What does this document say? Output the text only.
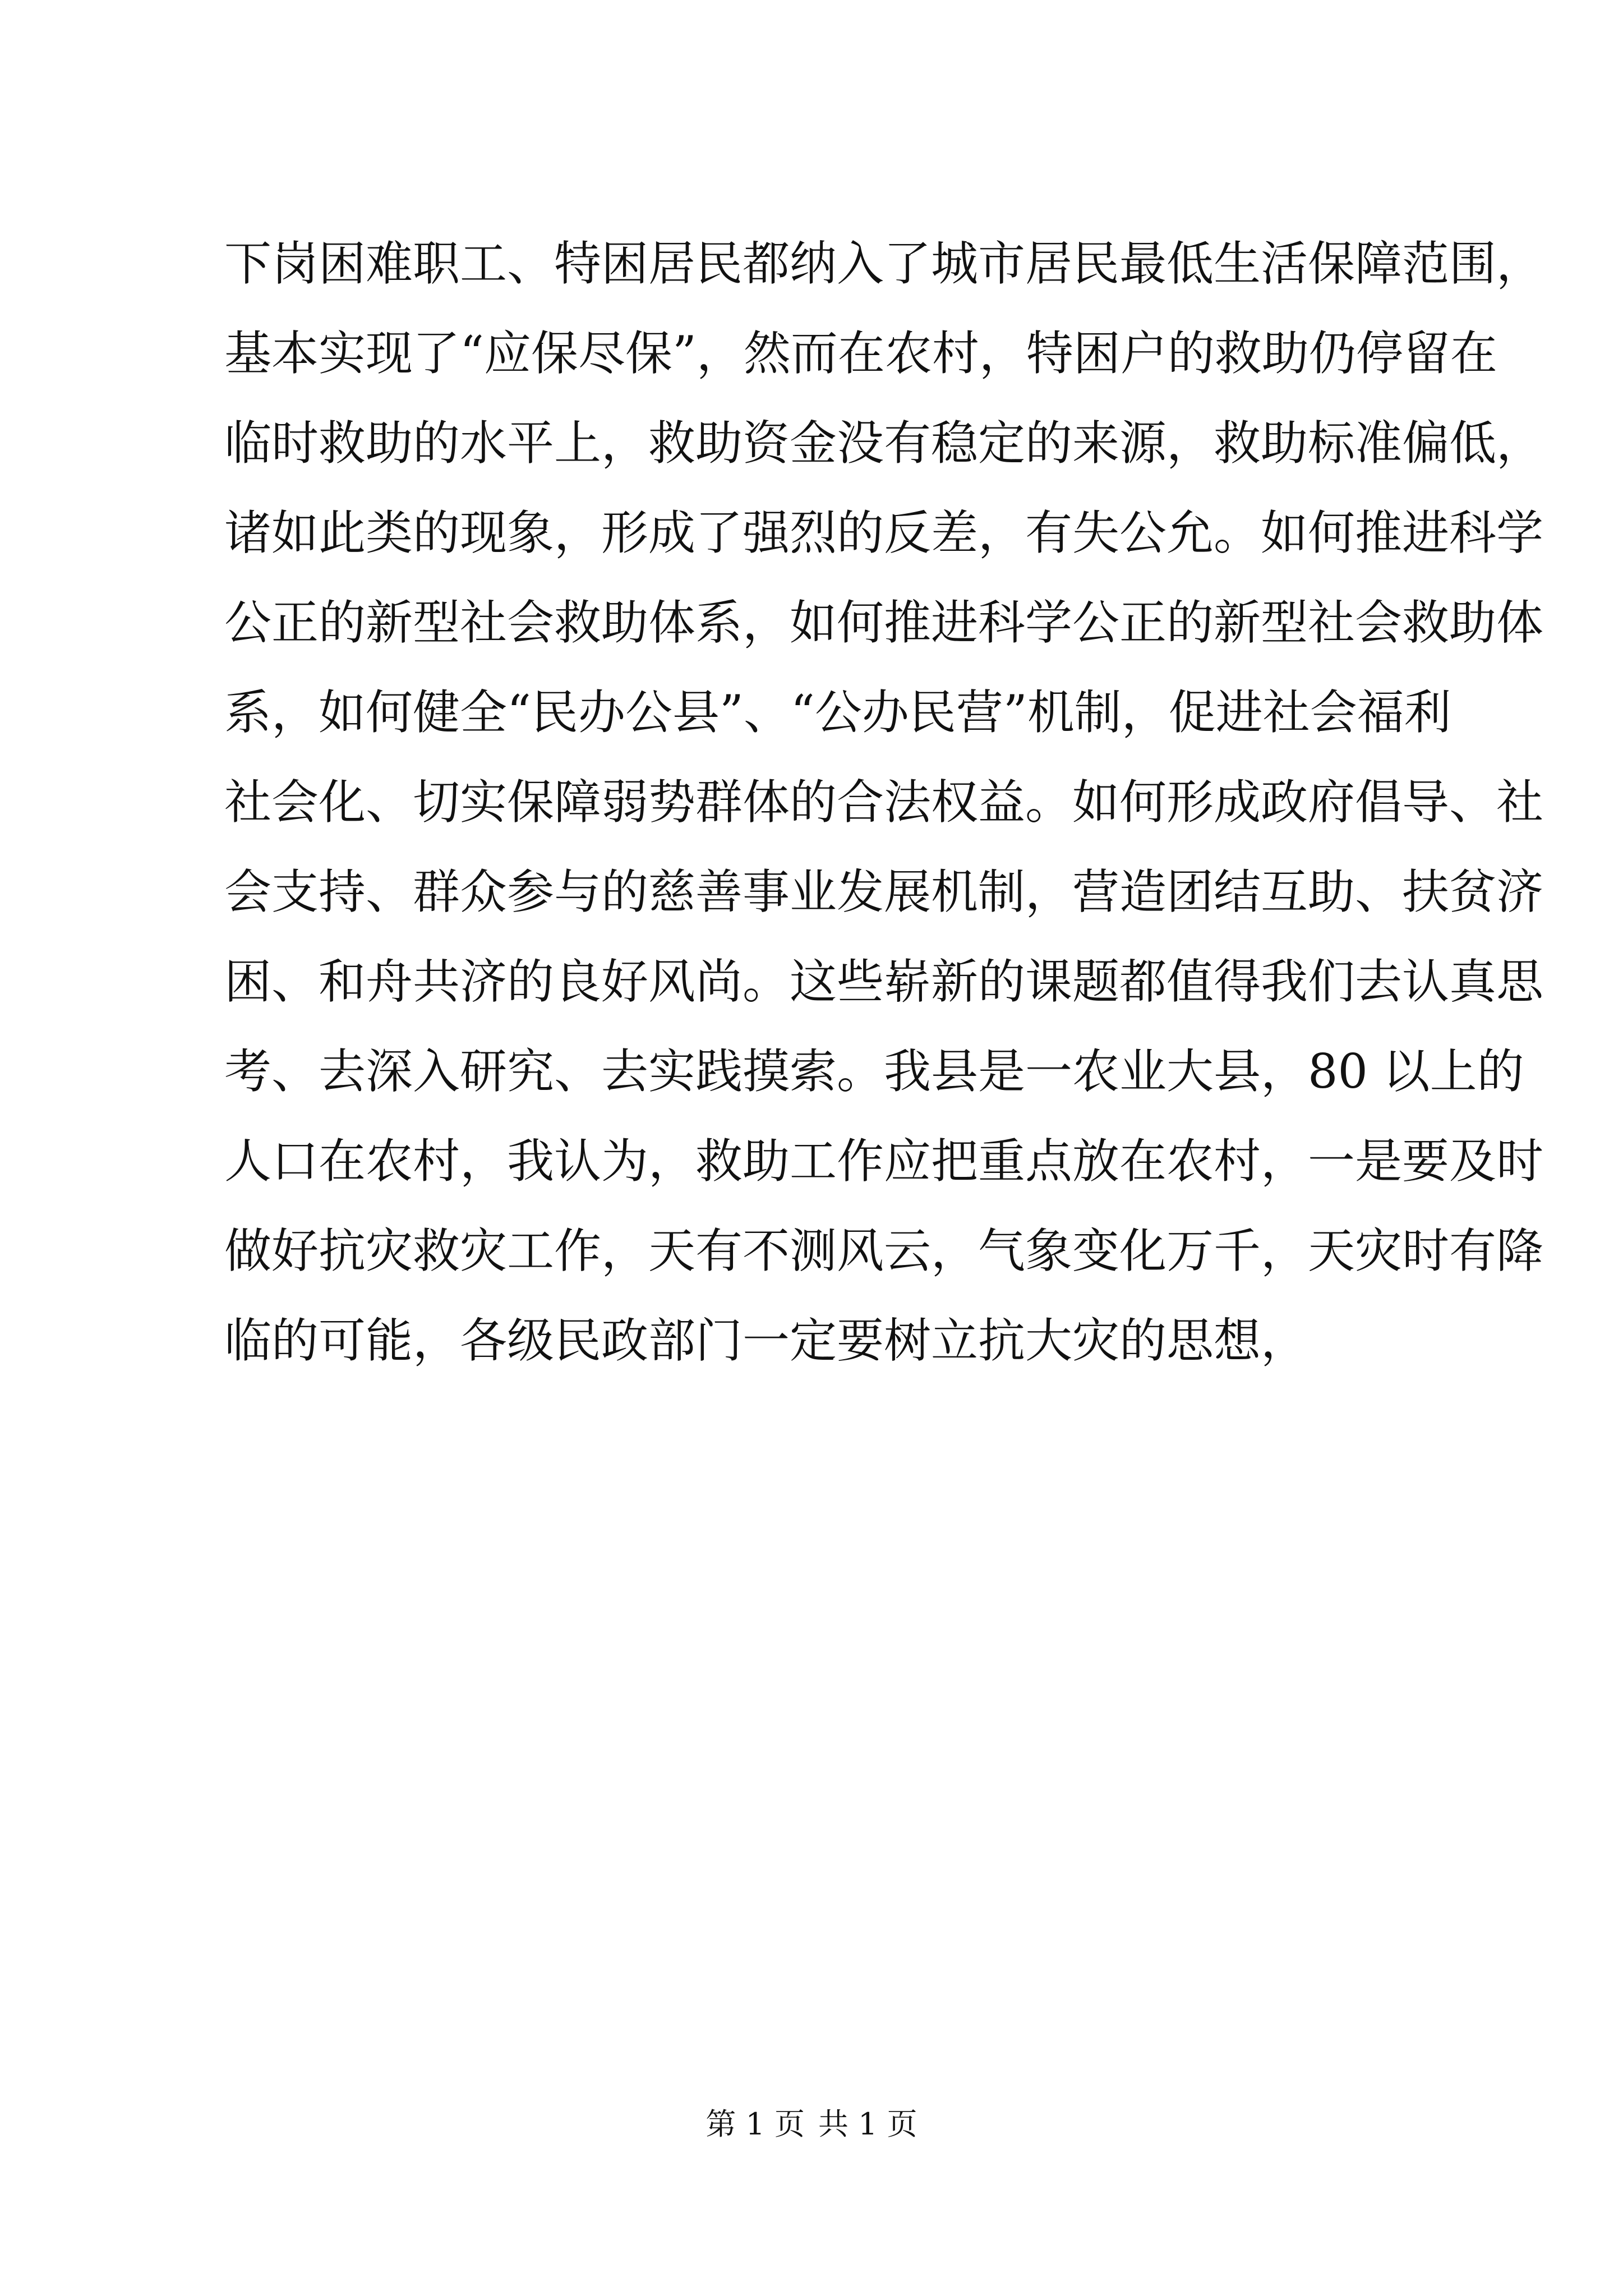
下岗困难职工、特困居民都纳入了城市居民最低生活保障范围，
基本实现了“应保尽保”，然而在农村，特困户的救助仍停留在
临时救助的水平上，救助资金没有稳定的来源，救助标准偏低，
诸如此类的现象，形成了强烈的反差，有失公允。如何推进科学
公正的新型社会救助体系，如何推进科学公正的新型社会救助体
系，如何健全“民办公县”、“公办民营”机制，促进社会福利
社会化、切实保障弱势群体的合法权益。如何形成政府倡导、社
会支持、群众参与的慈善事业发展机制，营造团结互助、扶贫济
困、和舟共济的良好风尚。这些崭新的课题都值得我们去认真思
考、去深入研究、去实践摸索。我县是一农业大县，80 以上的
人口在农村，我认为，救助工作应把重点放在农村，一是要及时
做好抗灾救灾工作，天有不测风云，气象变化万千，天灾时有降
临的可能，各级民政部门一定要树立抗大灾的思想，
第 1 页 共 1 页
